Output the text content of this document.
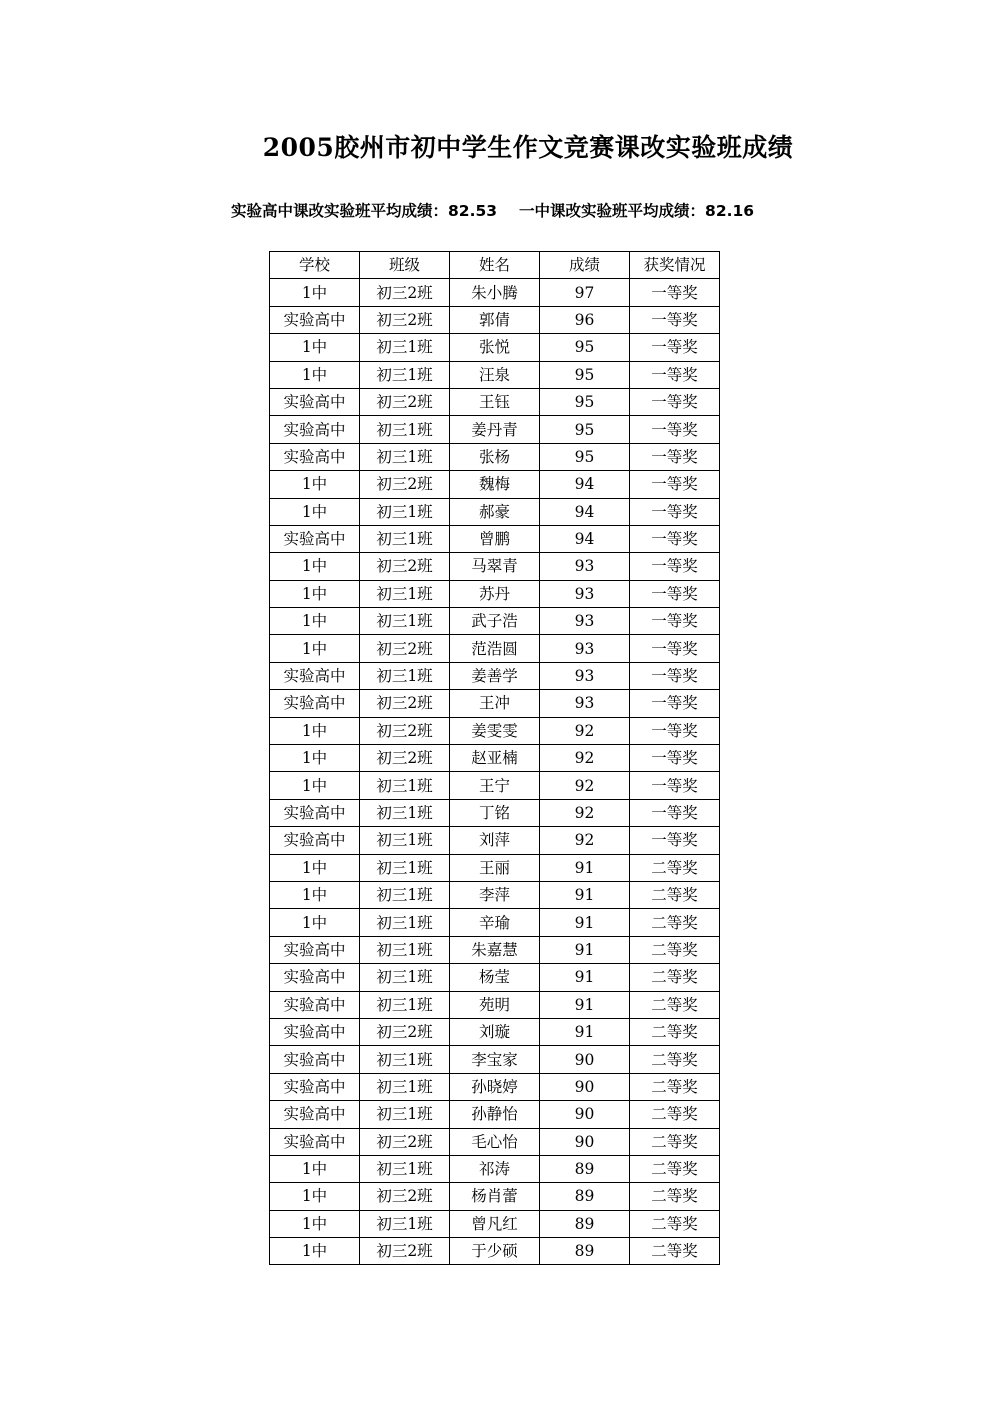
2005胶州市初中学生作文竞赛课改实验班成绩
实验高中课改实验班平均成绩：82.53 一中课改实验班平均成绩：82.16
学校	班级	姓名	成绩	获奖情况
1中	初三2班	朱小腾	97	一等奖
实验高中	初三2班	郭倩	96	一等奖
1中	初三1班	张悦	95	一等奖
1中	初三1班	汪泉	95	一等奖
实验高中	初三2班	王钰	95	一等奖
实验高中	初三1班	姜丹青	95	一等奖
实验高中	初三1班	张杨	95	一等奖
1中	初三2班	魏梅	94	一等奖
1中	初三1班	郝豪	94	一等奖
实验高中	初三1班	曾鹏	94	一等奖
1中	初三2班	马翠青	93	一等奖
1中	初三1班	苏丹	93	一等奖
1中	初三1班	武子浩	93	一等奖
1中	初三2班	范浩圆	93	一等奖
实验高中	初三1班	姜善学	93	一等奖
实验高中	初三2班	王冲	93	一等奖
1中	初三2班	姜雯雯	92	一等奖
1中	初三2班	赵亚楠	92	一等奖
1中	初三1班	王宁	92	一等奖
实验高中	初三1班	丁铭	92	一等奖
实验高中	初三1班	刘萍	92	一等奖
1中	初三1班	王丽	91	二等奖
1中	初三1班	李萍	91	二等奖
1中	初三1班	辛瑜	91	二等奖
实验高中	初三1班	朱嘉慧	91	二等奖
实验高中	初三1班	杨莹	91	二等奖
实验高中	初三1班	苑明	91	二等奖
实验高中	初三2班	刘璇	91	二等奖
实验高中	初三1班	李宝家	90	二等奖
实验高中	初三1班	孙晓婷	90	二等奖
实验高中	初三1班	孙静怡	90	二等奖
实验高中	初三2班	毛心怡	90	二等奖
1中	初三1班	祁涛	89	二等奖
1中	初三2班	杨肖蕾	89	二等奖
1中	初三1班	曾凡红	89	二等奖
1中	初三2班	于少硕	89	二等奖
